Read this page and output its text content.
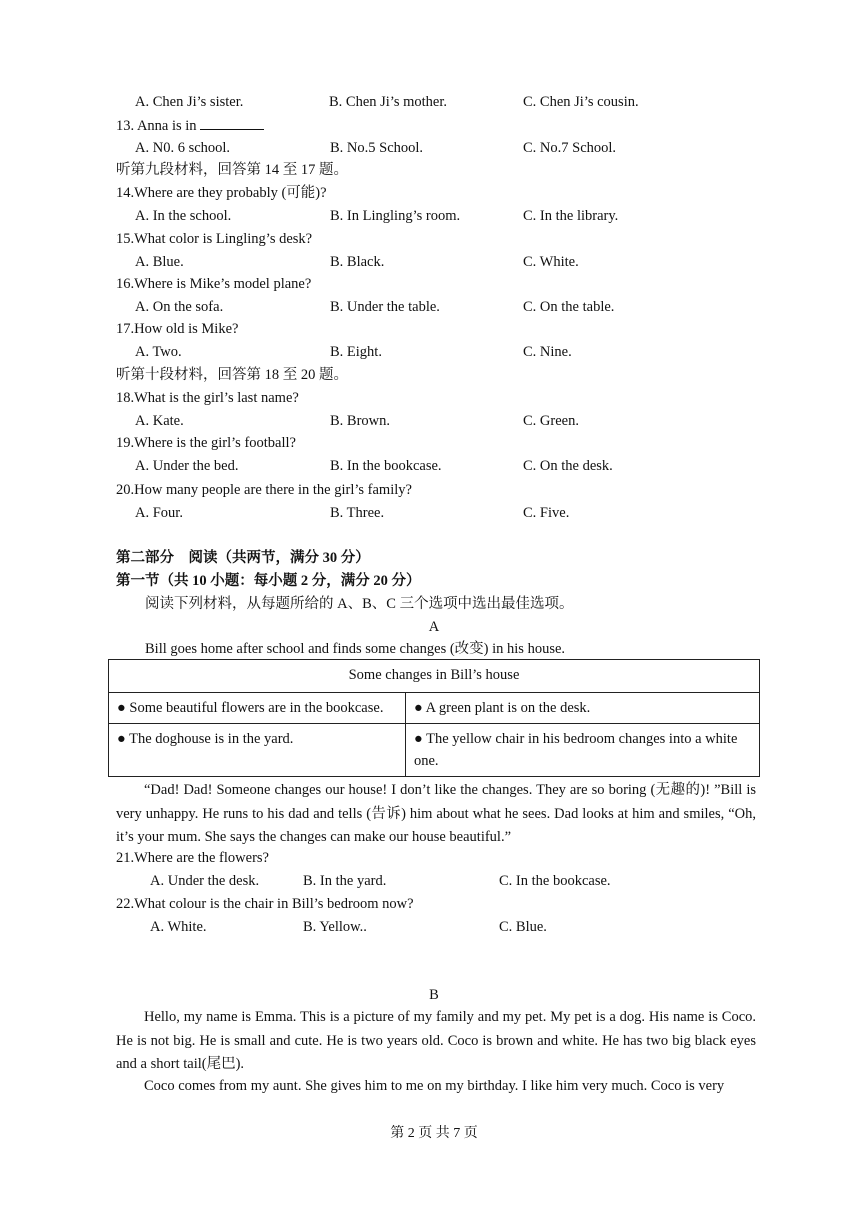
A. Chen Ji’s sister.	B. Chen Ji’s mother.	C. Chen Ji’s cousin.
13. Anna is in
A. N0. 6 school.	B. No.5 School.	C. No.7 School.
听第九段材料，回答第 14 至 17 题。
14.Where are they probably (可能)?
A. In the school.	B. In Lingling’s room.	C. In the library.
15.What color is Lingling’s desk?
A. Blue.	B. Black.	C. White.
16.Where is Mike’s model plane?
A. On the sofa.	B. Under the table.	C. On the table.
17.How old is Mike?
A. Two.	B. Eight.	C. Nine.
听第十段材料，回答第 18 至 20 题。
18.What is the girl’s last name?
A. Kate.	B. Brown.	C. Green.
19.Where is the girl’s football?
A. Under the bed.	B. In the bookcase.	C. On the desk.
20.How many people are there in the girl’s family?
A. Four.	B. Three.	C. Five.
第二部分　阅读（共两节，满分 30 分）
第一节（共 10 小题：每小题 2 分，满分 20 分）
阅读下列材料，从每题所给的 A、B、C 三个选项中选出最佳选项。
A
Bill goes home after school and finds some changes (改变) in his house.
Some changes in Bill’s house	
● Some beautiful flowers are in the bookcase.	● A green plant is on the desk.
● The doghouse is in the yard.	● The yellow chair in his bedroom changes into a white one.
“Dad! Dad! Someone changes our house! I don’t like the changes. They are so boring (无趣的)! ”Bill is very unhappy. He runs to his dad and tells (告诉) him about what he sees. Dad looks at him and smiles, “Oh, it’s your mum. She says the changes can make our house beautiful.”
21.Where are the flowers?
A. Under the desk.	B. In the yard.	C. In the bookcase.
22.What colour is the chair in Bill’s bedroom now?
A. White.	B. Yellow..	C. Blue.
B
Hello, my name is Emma. This is a picture of my family and my pet. My pet is a dog. His name is Coco. He is not big. He is small and cute. He is two years old. Coco is brown and white. He has two big black eyes and a short tail(尾巴).
Coco comes from my aunt. She gives him to me on my birthday. I like him very much. Coco is very
第 2 页 共 7 页
